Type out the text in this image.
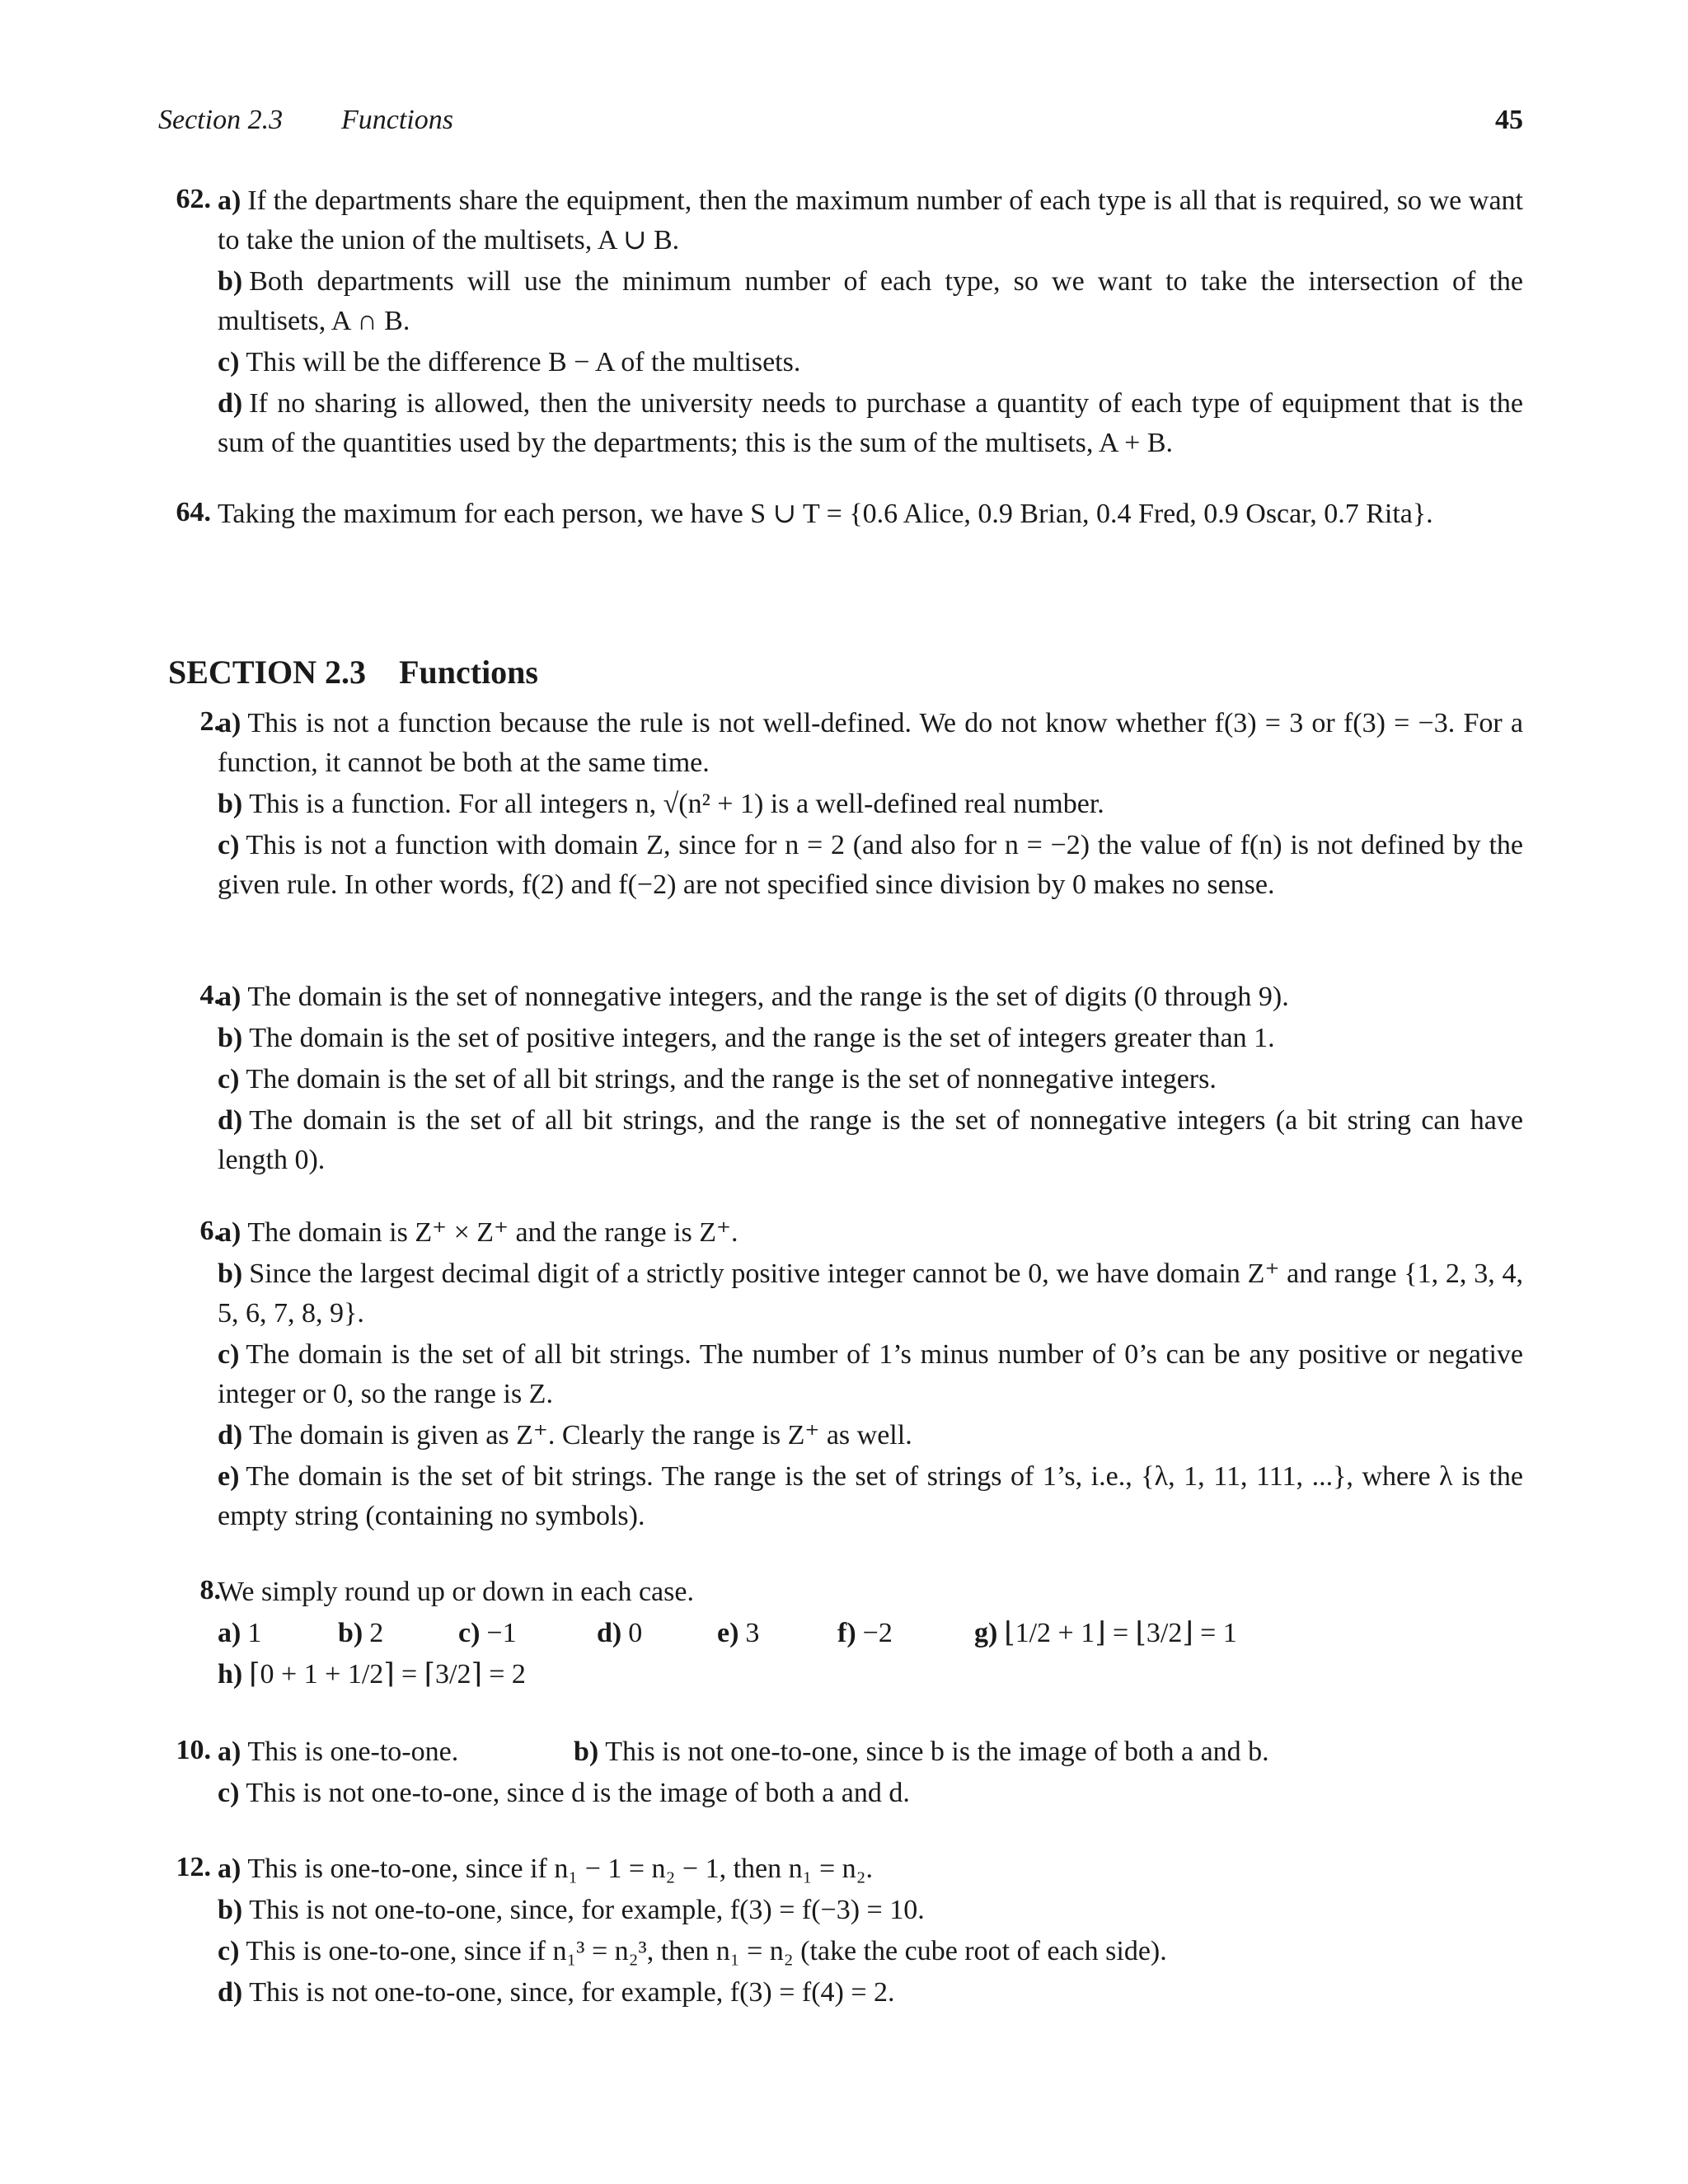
Section 2.3 Functions	45
62. a) If the departments share the equipment, then the maximum number of each type is all that is required, so we want to take the union of the multisets, A ∪ B.
b) Both departments will use the minimum number of each type, so we want to take the intersection of the multisets, A ∩ B.
c) This will be the difference B − A of the multisets.
d) If no sharing is allowed, then the university needs to purchase a quantity of each type of equipment that is the sum of the quantities used by the departments; this is the sum of the multisets, A + B.
64. Taking the maximum for each person, we have S ∪ T = {0.6 Alice, 0.9 Brian, 0.4 Fred, 0.9 Oscar, 0.7 Rita}.
SECTION 2.3 Functions
2.
a) This is not a function because the rule is not well-defined. We do not know whether f(3) = 3 or f(3) = −3. For a function, it cannot be both at the same time.
b) This is a function. For all integers n, √(n² + 1) is a well-defined real number.
c) This is not a function with domain Z, since for n = 2 (and also for n = −2) the value of f(n) is not defined by the given rule. In other words, f(2) and f(−2) are not specified since division by 0 makes no sense.
4.
a) The domain is the set of nonnegative integers, and the range is the set of digits (0 through 9).
b) The domain is the set of positive integers, and the range is the set of integers greater than 1.
c) The domain is the set of all bit strings, and the range is the set of nonnegative integers.
d) The domain is the set of all bit strings, and the range is the set of nonnegative integers (a bit string can have length 0).
6.
a) The domain is Z⁺ × Z⁺ and the range is Z⁺.
b) Since the largest decimal digit of a strictly positive integer cannot be 0, we have domain Z⁺ and range {1, 2, 3, 4, 5, 6, 7, 8, 9}.
c) The domain is the set of all bit strings. The number of 1’s minus number of 0’s can be any positive or negative integer or 0, so the range is Z.
d) The domain is given as Z⁺. Clearly the range is Z⁺ as well.
e) The domain is the set of bit strings. The range is the set of strings of 1’s, i.e., {λ, 1, 11, 111, ...}, where λ is the empty string (containing no symbols).
8.
We simply round up or down in each case.
a) 1	b) 2	c) −1	d) 0	e) 3	f) −2	g) ⌊1/2 + 1⌋ = ⌊3/2⌋ = 1
h) ⌈0 + 1 + 1/2⌉ = ⌈3/2⌉ = 2
10. a) This is one-to-one.	b) This is not one-to-one, since b is the image of both a and b.
c) This is not one-to-one, since d is the image of both a and d.
12. a) This is one-to-one, since if n₁ − 1 = n₂ − 1, then n₁ = n₂.
b) This is not one-to-one, since, for example, f(3) = f(−3) = 10.
c) This is one-to-one, since if n₁³ = n₂³, then n₁ = n₂ (take the cube root of each side).
d) This is not one-to-one, since, for example, f(3) = f(4) = 2.
